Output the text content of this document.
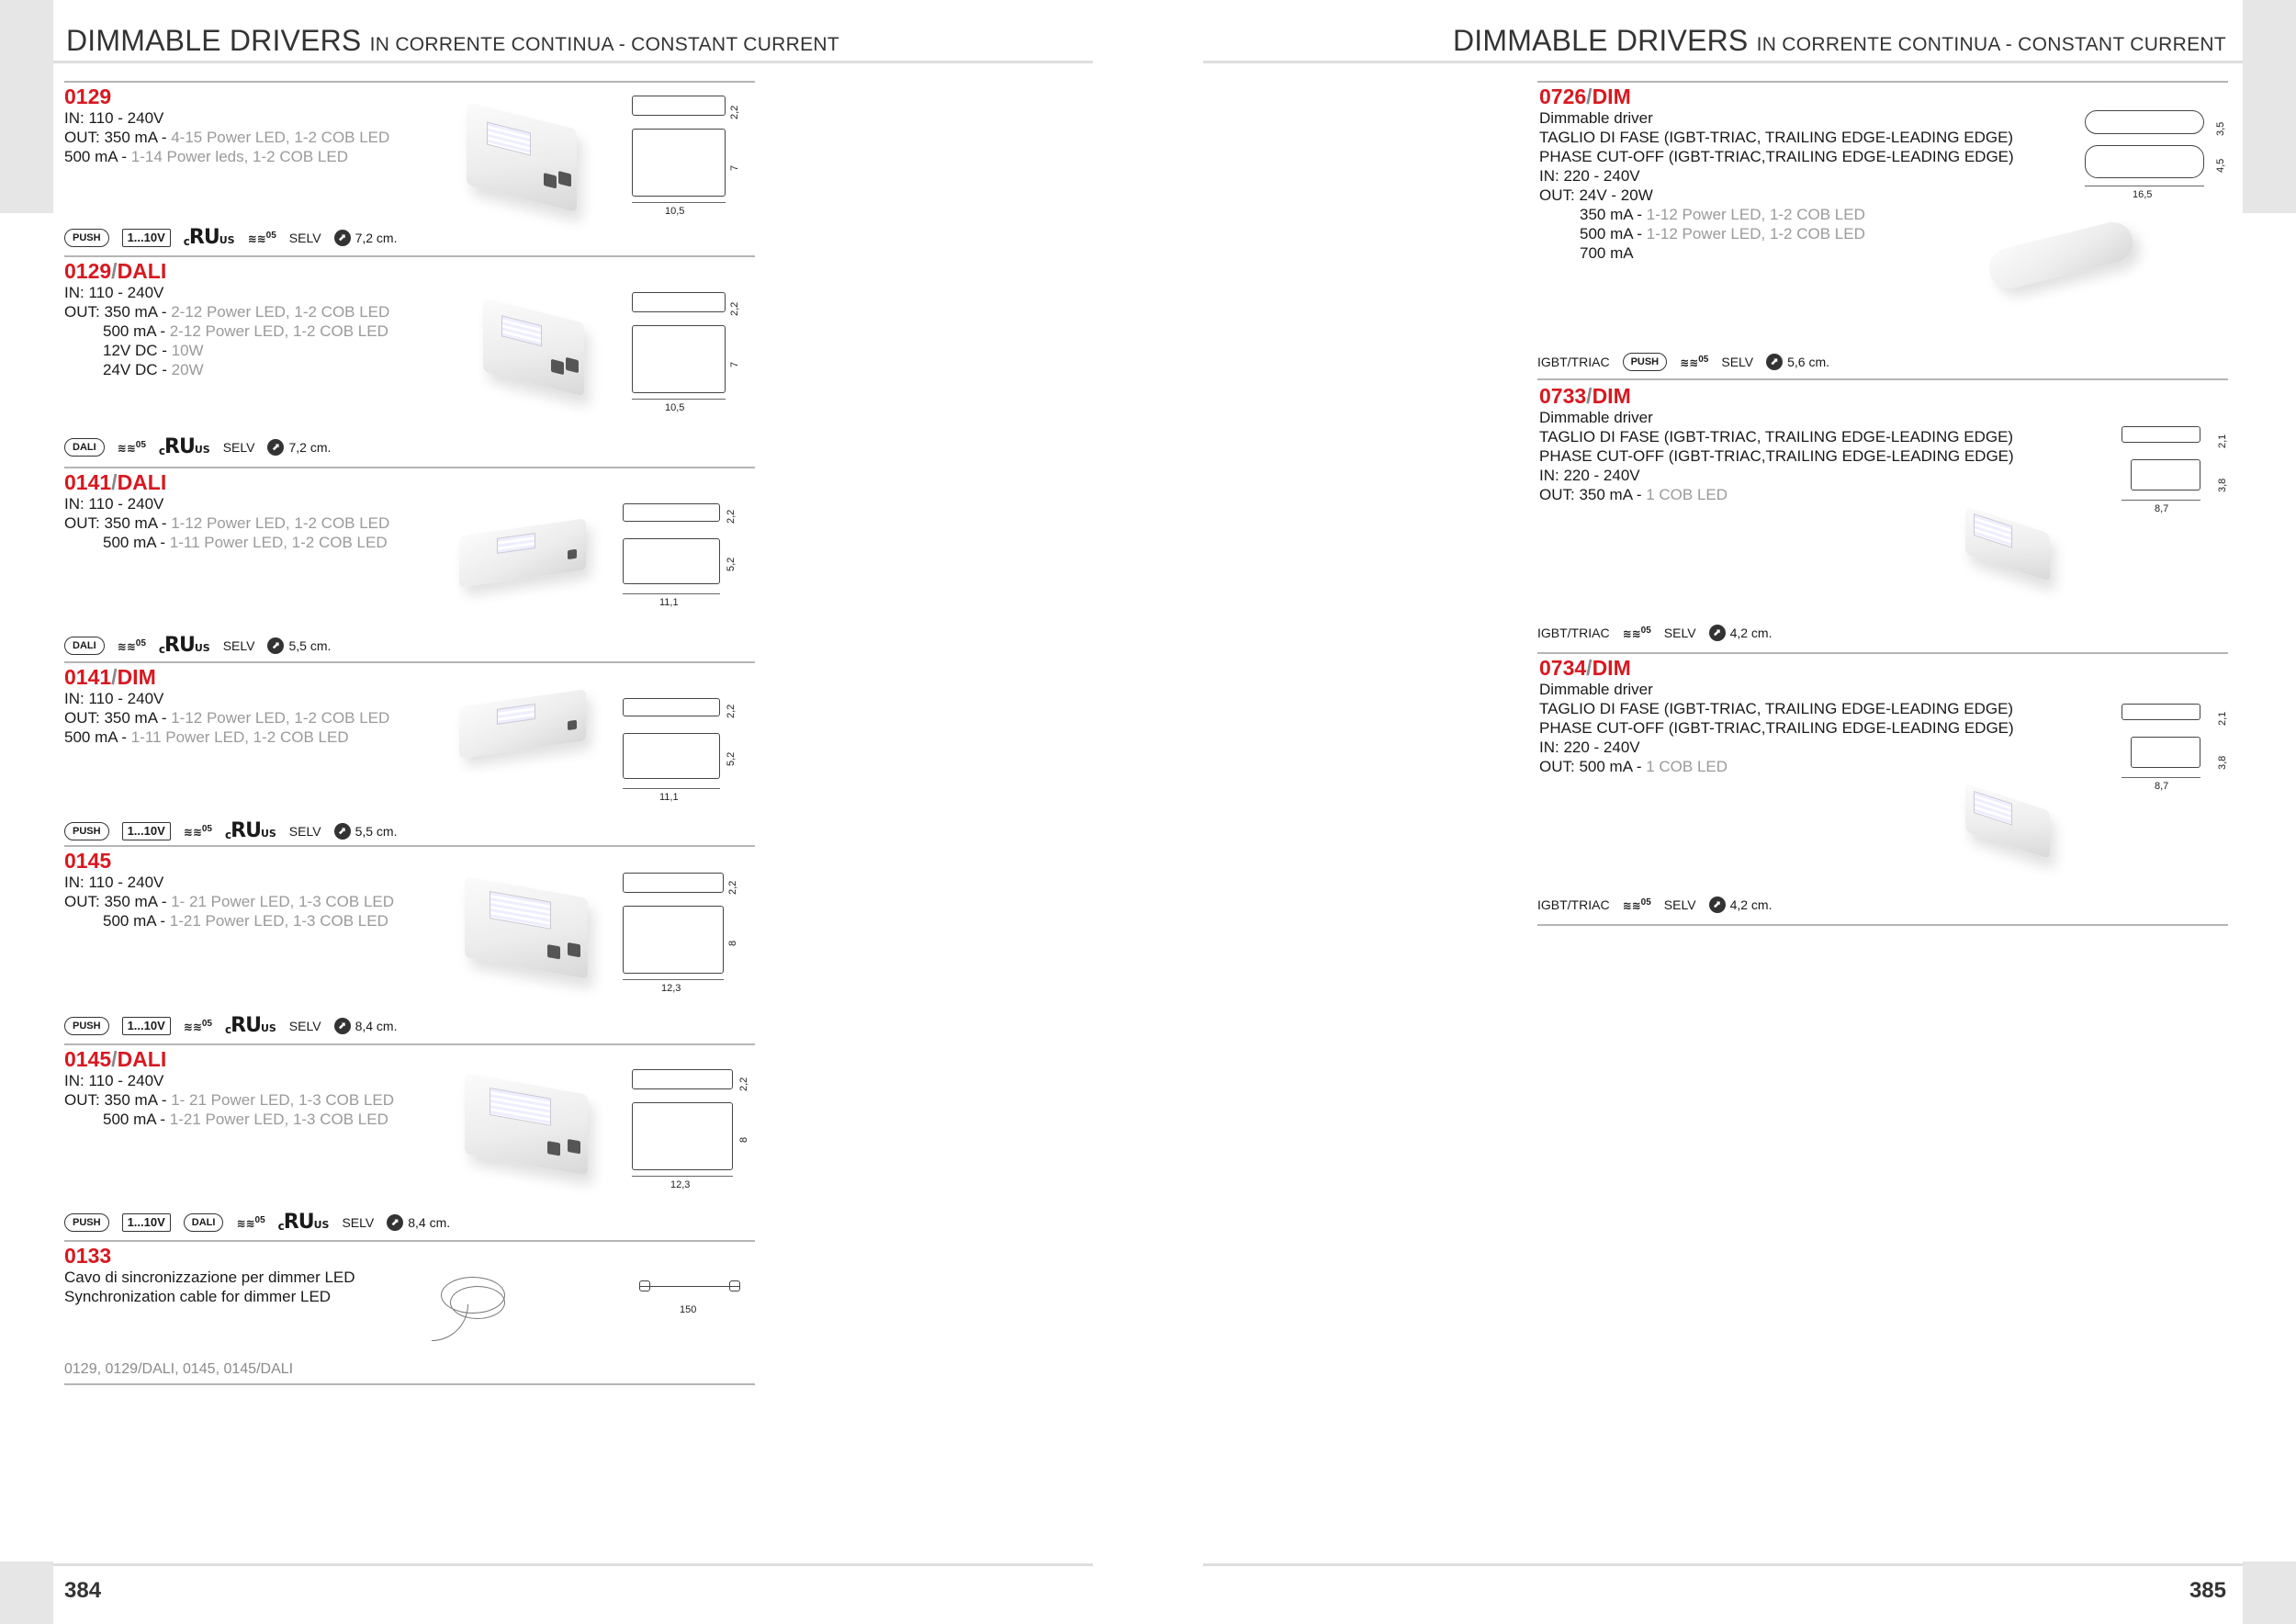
DIMMABLE DRIVERS IN CORRENTE CONTINUA - CONSTANT CURRENT	DIMMABLE DRIVERS IN CORRENTE CONTINUA - CONSTANT CURRENT
0129
IN: 110 - 240V
OUT: 350 mA - 4-15 Power LED, 1-2 COB LED
500 mA - 1-14 Power leds, 1-2 COB LED
2,2
7
10,5
PUSH	1...10V	cRUUS ≋≋$^{05}$ SELV	⬈ 7,2 cm.
0129/DALI
IN: 110 - 240V
OUT: 350 mA - 2-12 Power LED, 1-2 COB LED
500 mA - 2-12 Power LED, 1-2 COB LED
12V DC - 10W
24V DC - 20W
2,2
7
10,5
DALI	≋≋$^{05}$ cRUUS SELV	⬈ 7,2 cm.
0141/DALI
IN: 110 - 240V
OUT: 350 mA - 1-12 Power LED, 1-2 COB LED
500 mA - 1-11 Power LED, 1-2 COB LED
2,2
5,2
11,1
DALI	≋≋$^{05}$ cRUUS SELV	⬈ 5,5 cm.
0141/DIM
IN: 110 - 240V
OUT: 350 mA - 1-12 Power LED, 1-2 COB LED
500 mA - 1-11 Power LED, 1-2 COB LED
2,2
5,2
11,1
PUSH	1...10V	≋≋$^{05}$ cRUUS SELV	⬈ 5,5 cm.
0145
IN: 110 - 240V
OUT: 350 mA - 1- 21 Power LED, 1-3 COB LED
500 mA - 1-21 Power LED, 1-3 COB LED
2,2
8
12,3
PUSH	1...10V	≋≋$^{05}$ cRUUS SELV	⬈ 8,4 cm.
0145/DALI
IN: 110 - 240V
OUT: 350 mA - 1- 21 Power LED, 1-3 COB LED
500 mA - 1-21 Power LED, 1-3 COB LED
2,2
8
12,3
PUSH	1...10V	DALI	≋≋$^{05}$ cRUUS SELV	⬈ 8,4 cm.
0133
Cavo di sincronizzazione per dimmer LED
Synchronization cable for dimmer LED
150
0129, 0129/DALI, 0145, 0145/DALI
384
0726/DIM
Dimmable driver
TAGLIO DI FASE (IGBT-TRIAC, TRAILING EDGE-LEADING EDGE)
PHASE CUT-OFF (IGBT-TRIAC,TRAILING EDGE-LEADING EDGE)
IN: 220 - 240V
OUT: 24V - 20W
350 mA - 1-12 Power LED, 1-2 COB LED
500 mA - 1-12 Power LED, 1-2 COB LED
700 mA
3,5
4,5
16,5
IGBT/TRIAC	PUSH	≋≋$^{05}$ SELV	⬈ 5,6 cm.
0733/DIM
Dimmable driver
TAGLIO DI FASE (IGBT-TRIAC, TRAILING EDGE-LEADING EDGE)
PHASE CUT-OFF (IGBT-TRIAC,TRAILING EDGE-LEADING EDGE)
IN: 220 - 240V
OUT: 350 mA - 1 COB LED
2,1
3,8
8,7
IGBT/TRIAC ≋≋$^{05}$ SELV	⬈ 4,2 cm.
0734/DIM
Dimmable driver
TAGLIO DI FASE (IGBT-TRIAC, TRAILING EDGE-LEADING EDGE)
PHASE CUT-OFF (IGBT-TRIAC,TRAILING EDGE-LEADING EDGE)
IN: 220 - 240V
OUT: 500 mA - 1 COB LED
2,1
3,8
8,7
IGBT/TRIAC ≋≋$^{05}$ SELV	⬈ 4,2 cm.
385
